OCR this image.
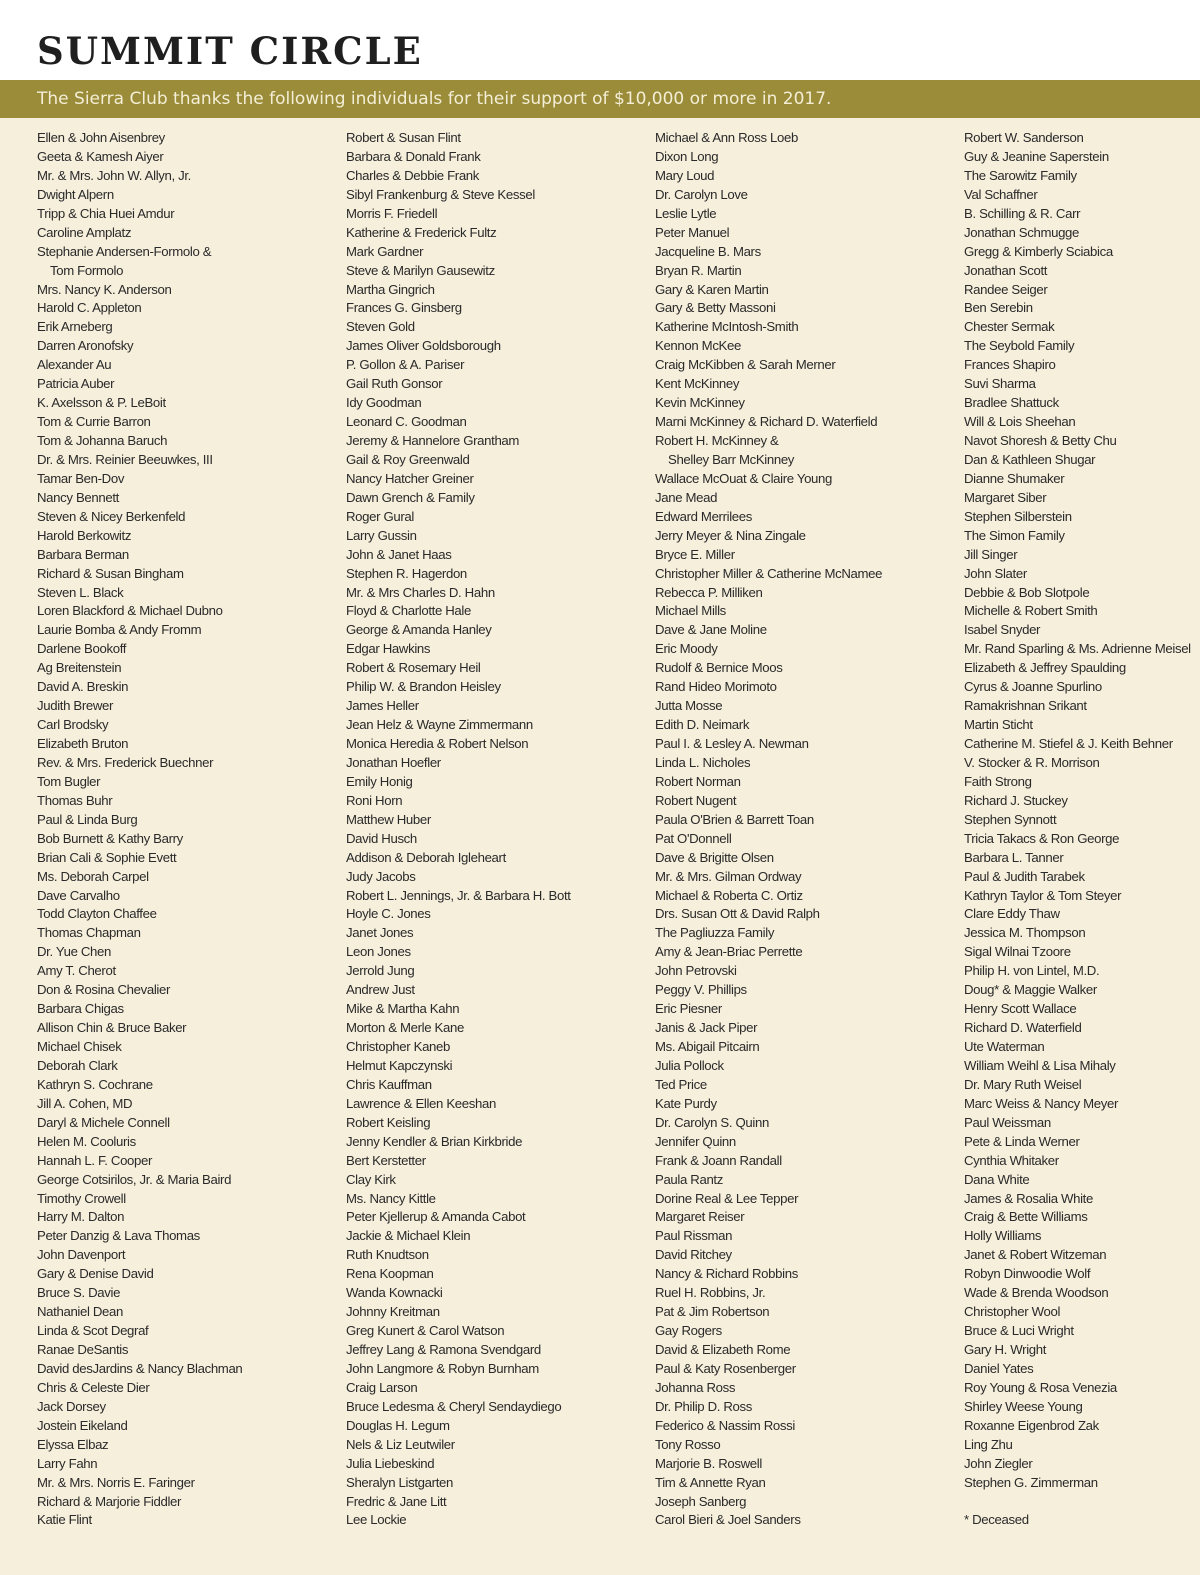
SUMMIT CIRCLE
The Sierra Club thanks the following individuals for their support of $10,000 or more in 2017.
Ellen & John Aisenbrey
Geeta & Kamesh Aiyer
Mr. & Mrs. John W. Allyn, Jr.
Dwight Alpern
Tripp & Chia Huei Amdur
Caroline Amplatz
Stephanie Andersen-Formolo &
Tom Formolo
Mrs. Nancy K. Anderson
Harold C. Appleton
Erik Arneberg
Darren Aronofsky
Alexander Au
Patricia Auber
K. Axelsson & P. LeBoit
Tom & Currie Barron
Tom & Johanna Baruch
Dr. & Mrs. Reinier Beeuwkes, III
Tamar Ben-Dov
Nancy Bennett
Steven & Nicey Berkenfeld
Harold Berkowitz
Barbara Berman
Richard & Susan Bingham
Steven L. Black
Loren Blackford & Michael Dubno
Laurie Bomba & Andy Fromm
Darlene Bookoff
Ag Breitenstein
David A. Breskin
Judith Brewer
Carl Brodsky
Elizabeth Bruton
Rev. & Mrs. Frederick Buechner
Tom Bugler
Thomas Buhr
Paul & Linda Burg
Bob Burnett & Kathy Barry
Brian Cali & Sophie Evett
Ms. Deborah Carpel
Dave Carvalho
Todd Clayton Chaffee
Thomas Chapman
Dr. Yue Chen
Amy T. Cherot
Don & Rosina Chevalier
Barbara Chigas
Allison Chin & Bruce Baker
Michael Chisek
Deborah Clark
Kathryn S. Cochrane
Jill A. Cohen, MD
Daryl & Michele Connell
Helen M. Cooluris
Hannah L. F. Cooper
George Cotsirilos, Jr. & Maria Baird
Timothy Crowell
Harry M. Dalton
Peter Danzig & Lava Thomas
John Davenport
Gary & Denise David
Bruce S. Davie
Nathaniel Dean
Linda & Scot Degraf
Ranae DeSantis
David desJardins & Nancy Blachman
Chris & Celeste Dier
Jack Dorsey
Jostein Eikeland
Elyssa Elbaz
Larry Fahn
Mr. & Mrs. Norris E. Faringer
Richard & Marjorie Fiddler
Katie Flint
Robert & Susan Flint
Barbara & Donald Frank
Charles & Debbie Frank
Sibyl Frankenburg & Steve Kessel
Morris F. Friedell
Katherine & Frederick Fultz
Mark Gardner
Steve & Marilyn Gausewitz
Martha Gingrich
Frances G. Ginsberg
Steven Gold
James Oliver Goldsborough
P. Gollon & A. Pariser
Gail Ruth Gonsor
Idy Goodman
Leonard C. Goodman
Jeremy & Hannelore Grantham
Gail & Roy Greenwald
Nancy Hatcher Greiner
Dawn Grench & Family
Roger Gural
Larry Gussin
John & Janet Haas
Stephen R. Hagerdon
Mr. & Mrs Charles D. Hahn
Floyd & Charlotte Hale
George & Amanda Hanley
Edgar Hawkins
Robert & Rosemary Heil
Philip W. & Brandon Heisley
James Heller
Jean Helz & Wayne Zimmermann
Monica Heredia & Robert Nelson
Jonathan Hoefler
Emily Honig
Roni Horn
Matthew Huber
David Husch
Addison & Deborah Igleheart
Judy Jacobs
Robert L. Jennings, Jr. & Barbara H. Bott
Hoyle C. Jones
Janet Jones
Leon Jones
Jerrold Jung
Andrew Just
Mike & Martha Kahn
Morton & Merle Kane
Christopher Kaneb
Helmut Kapczynski
Chris Kauffman
Lawrence & Ellen Keeshan
Robert Keisling
Jenny Kendler & Brian Kirkbride
Bert Kerstetter
Clay Kirk
Ms. Nancy Kittle
Peter Kjellerup & Amanda Cabot
Jackie & Michael Klein
Ruth Knudtson
Rena Koopman
Wanda Kownacki
Johnny Kreitman
Greg Kunert & Carol Watson
Jeffrey Lang & Ramona Svendgard
John Langmore & Robyn Burnham
Craig Larson
Bruce Ledesma & Cheryl Sendaydiego
Douglas H. Legum
Nels & Liz Leutwiler
Julia Liebeskind
Sheralyn Listgarten
Fredric & Jane Litt
Lee Lockie
Michael & Ann Ross Loeb
Dixon Long
Mary Loud
Dr. Carolyn Love
Leslie Lytle
Peter Manuel
Jacqueline B. Mars
Bryan R. Martin
Gary & Karen Martin
Gary & Betty Massoni
Katherine McIntosh-Smith
Kennon McKee
Craig McKibben & Sarah Merner
Kent McKinney
Kevin McKinney
Marni McKinney & Richard D. Waterfield
Robert H. McKinney &
Shelley Barr McKinney
Wallace McOuat & Claire Young
Jane Mead
Edward Merrilees
Jerry Meyer & Nina Zingale
Bryce E. Miller
Christopher Miller & Catherine McNamee
Rebecca P. Milliken
Michael Mills
Dave & Jane Moline
Eric Moody
Rudolf & Bernice Moos
Rand Hideo Morimoto
Jutta Mosse
Edith D. Neimark
Paul I. & Lesley A. Newman
Linda L. Nicholes
Robert Norman
Robert Nugent
Paula O'Brien & Barrett Toan
Pat O'Donnell
Dave & Brigitte Olsen
Mr. & Mrs. Gilman Ordway
Michael & Roberta C. Ortiz
Drs. Susan Ott & David Ralph
The Pagliuzza Family
Amy & Jean-Briac Perrette
John Petrovski
Peggy V. Phillips
Eric Piesner
Janis & Jack Piper
Ms. Abigail Pitcairn
Julia Pollock
Ted Price
Kate Purdy
Dr. Carolyn S. Quinn
Jennifer Quinn
Frank & Joann Randall
Paula Rantz
Dorine Real & Lee Tepper
Margaret Reiser
Paul Rissman
David Ritchey
Nancy & Richard Robbins
Ruel H. Robbins, Jr.
Pat & Jim Robertson
Gay Rogers
David & Elizabeth Rome
Paul & Katy Rosenberger
Johanna Ross
Dr. Philip D. Ross
Federico & Nassim Rossi
Tony Rosso
Marjorie B. Roswell
Tim & Annette Ryan
Joseph Sanberg
Carol Bieri & Joel Sanders
Robert W. Sanderson
Guy & Jeanine Saperstein
The Sarowitz Family
Val Schaffner
B. Schilling & R. Carr
Jonathan Schmugge
Gregg & Kimberly Sciabica
Jonathan Scott
Randee Seiger
Ben Serebin
Chester Sermak
The Seybold Family
Frances Shapiro
Suvi Sharma
Bradlee Shattuck
Will & Lois Sheehan
Navot Shoresh & Betty Chu
Dan & Kathleen Shugar
Dianne Shumaker
Margaret Siber
Stephen Silberstein
The Simon Family
Jill Singer
John Slater
Debbie & Bob Slotpole
Michelle & Robert Smith
Isabel Snyder
Mr. Rand Sparling & Ms. Adrienne Meisel
Elizabeth & Jeffrey Spaulding
Cyrus & Joanne Spurlino
Ramakrishnan Srikant
Martin Sticht
Catherine M. Stiefel & J. Keith Behner
V. Stocker & R. Morrison
Faith Strong
Richard J. Stuckey
Stephen Synnott
Tricia Takacs & Ron George
Barbara L. Tanner
Paul & Judith Tarabek
Kathryn Taylor & Tom Steyer
Clare Eddy Thaw
Jessica M. Thompson
Sigal Wilnai Tzoore
Philip H. von Lintel, M.D.
Doug* & Maggie Walker
Henry Scott Wallace
Richard D. Waterfield
Ute Waterman
William Weihl & Lisa Mihaly
Dr. Mary Ruth Weisel
Marc Weiss & Nancy Meyer
Paul Weissman
Pete & Linda Werner
Cynthia Whitaker
Dana White
James & Rosalia White
Craig & Bette Williams
Holly Williams
Janet & Robert Witzeman
Robyn Dinwoodie Wolf
Wade & Brenda Woodson
Christopher Wool
Bruce & Luci Wright
Gary H. Wright
Daniel Yates
Roy Young & Rosa Venezia
Shirley Weese Young
Roxanne Eigenbrod Zak
Ling Zhu
John Ziegler
Stephen G. Zimmerman
* Deceased
